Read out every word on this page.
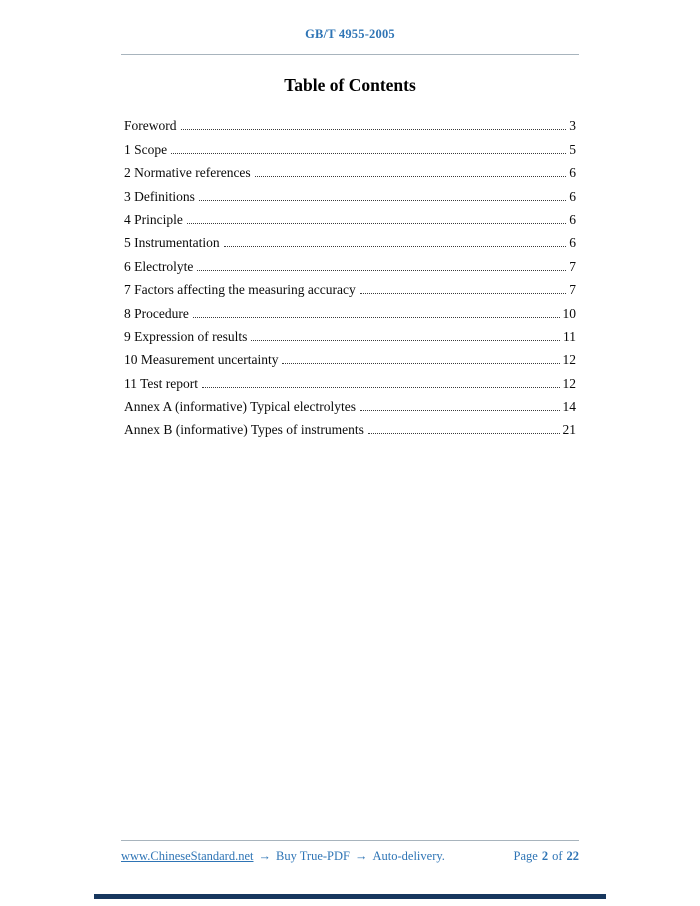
GB/T 4955-2005
Table of Contents
Foreword	3
1 Scope	5
2 Normative references	6
3 Definitions	6
4 Principle	6
5 Instrumentation	6
6 Electrolyte	7
7 Factors affecting the measuring accuracy	7
8 Procedure	10
9 Expression of results	11
10 Measurement uncertainty	12
11 Test report	12
Annex A (informative) Typical electrolytes	14
Annex B (informative) Types of instruments	21
www.ChineseStandard.net → Buy True-PDF → Auto-delivery.	Page 2 of 22
